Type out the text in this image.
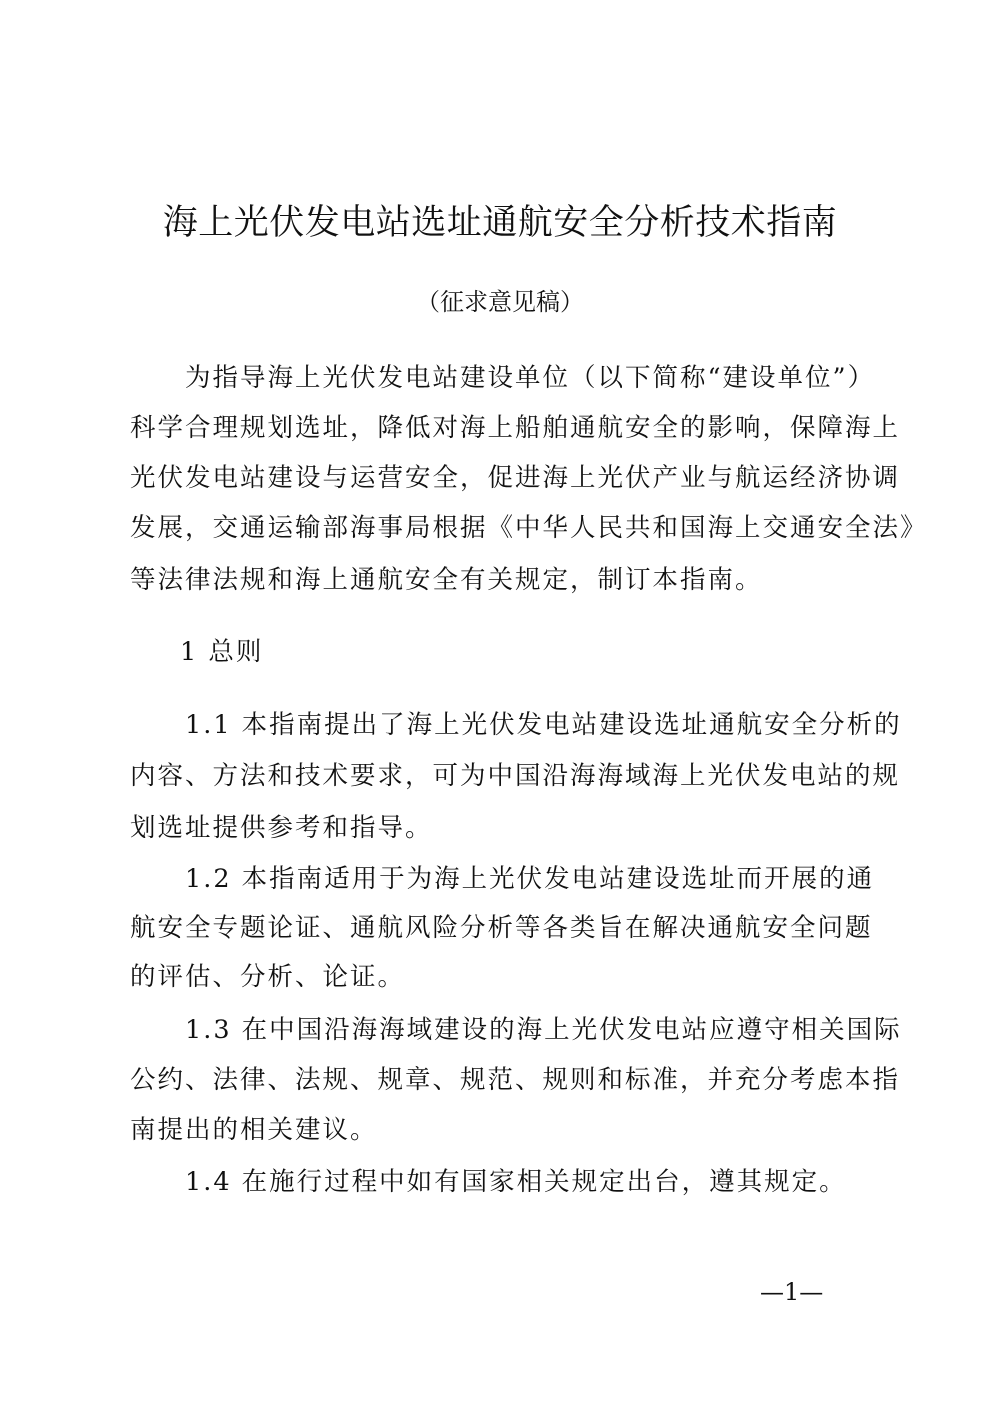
海上光伏发电站选址通航安全分析技术指南
（征求意见稿）
为指导海上光伏发电站建设单位（以下简称“建设单位”）
科学合理规划选址，降低对海上船舶通航安全的影响，保障海上
光伏发电站建设与运营安全，促进海上光伏产业与航运经济协调
发展，交通运输部海事局根据《中华人民共和国海上交通安全法》
等法律法规和海上通航安全有关规定，制订本指南。
1 总则
1.1 本指南提出了海上光伏发电站建设选址通航安全分析的
内容、方法和技术要求，可为中国沿海海域海上光伏发电站的规
划选址提供参考和指导。
1.2 本指南适用于为海上光伏发电站建设选址而开展的通
航安全专题论证、通航风险分析等各类旨在解决通航安全问题
的评估、分析、论证。
1.3 在中国沿海海域建设的海上光伏发电站应遵守相关国际
公约、法律、法规、规章、规范、规则和标准，并充分考虑本指
南提出的相关建议。
1.4 在施行过程中如有国家相关规定出台，遵其规定。
—1—
